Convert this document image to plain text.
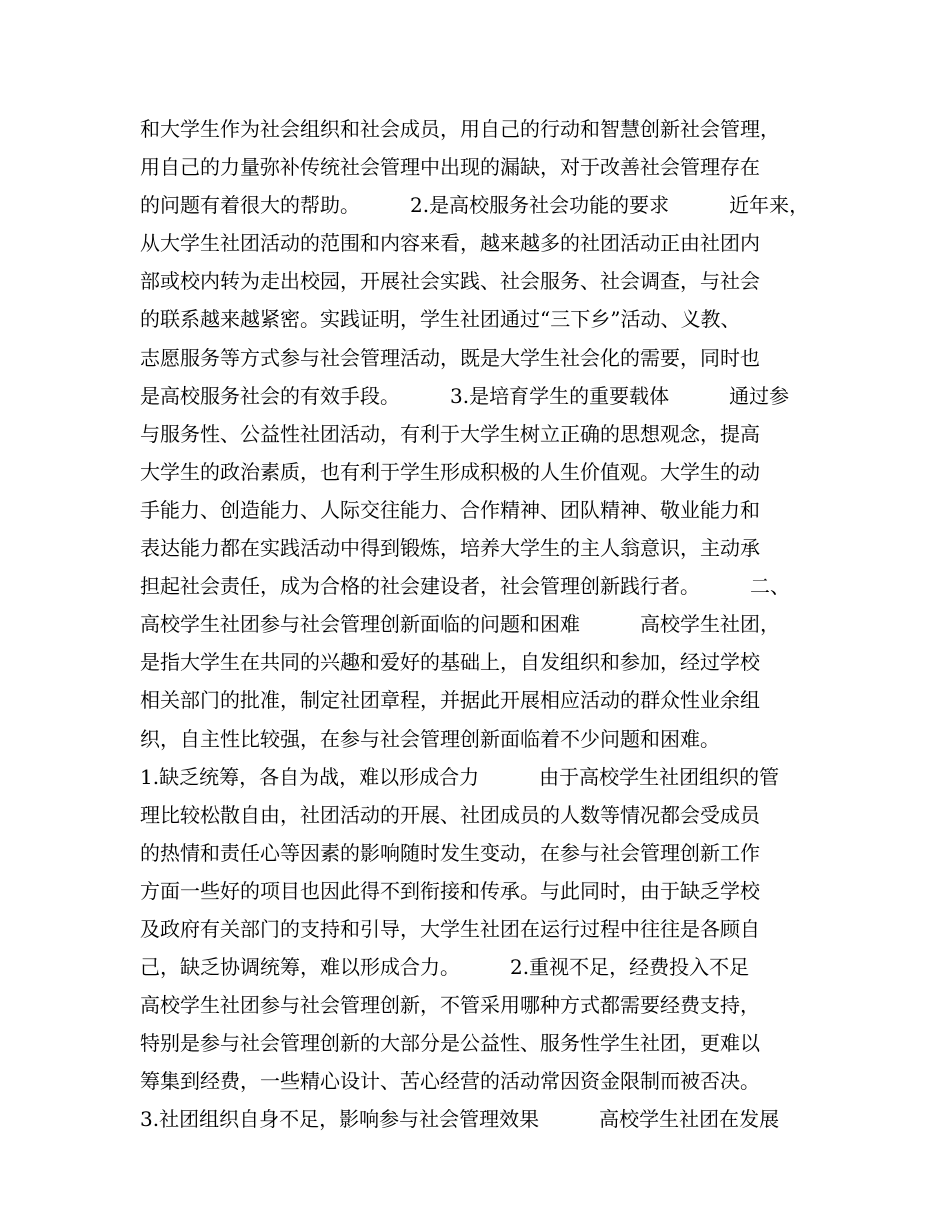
和大学生作为社会组织和社会成员，用自己的行动和智慧创新社会管理，
用自己的力量弥补传统社会管理中出现的漏缺，对于改善社会管理存在
的问题有着很大的帮助。　　　2.是高校服务社会功能的要求　　　近年来，
从大学生社团活动的范围和内容来看，越来越多的社团活动正由社团内
部或校内转为走出校园，开展社会实践、社会服务、社会调查，与社会
的联系越来越紧密。实践证明，学生社团通过“三下乡”活动、义教、
志愿服务等方式参与社会管理活动，既是大学生社会化的需要，同时也
是高校服务社会的有效手段。　　　3.是培育学生的重要载体　　　通过参
与服务性、公益性社团活动，有利于大学生树立正确的思想观念，提高
大学生的政治素质，也有利于学生形成积极的人生价值观。大学生的动
手能力、创造能力、人际交往能力、合作精神、团队精神、敬业能力和
表达能力都在实践活动中得到锻炼，培养大学生的主人翁意识，主动承
担起社会责任，成为合格的社会建设者，社会管理创新践行者。　　　二、
高校学生社团参与社会管理创新面临的问题和困难　　　高校学生社团，
是指大学生在共同的兴趣和爱好的基础上，自发组织和参加，经过学校
相关部门的批准，制定社团章程，并据此开展相应活动的群众性业余组
织，自主性比较强，在参与社会管理创新面临着不少问题和困难。
1.缺乏统筹，各自为战，难以形成合力　　　由于高校学生社团组织的管
理比较松散自由，社团活动的开展、社团成员的人数等情况都会受成员
的热情和责任心等因素的影响随时发生变动，在参与社会管理创新工作
方面一些好的项目也因此得不到衔接和传承。与此同时，由于缺乏学校
及政府有关部门的支持和引导，大学生社团在运行过程中往往是各顾自
己，缺乏协调统筹，难以形成合力。　　　2.重视不足，经费投入不足
高校学生社团参与社会管理创新，不管采用哪种方式都需要经费支持，
特别是参与社会管理创新的大部分是公益性、服务性学生社团，更难以
筹集到经费，一些精心设计、苦心经营的活动常因资金限制而被否决。
3.社团组织自身不足，影响参与社会管理效果　　　高校学生社团在发展
